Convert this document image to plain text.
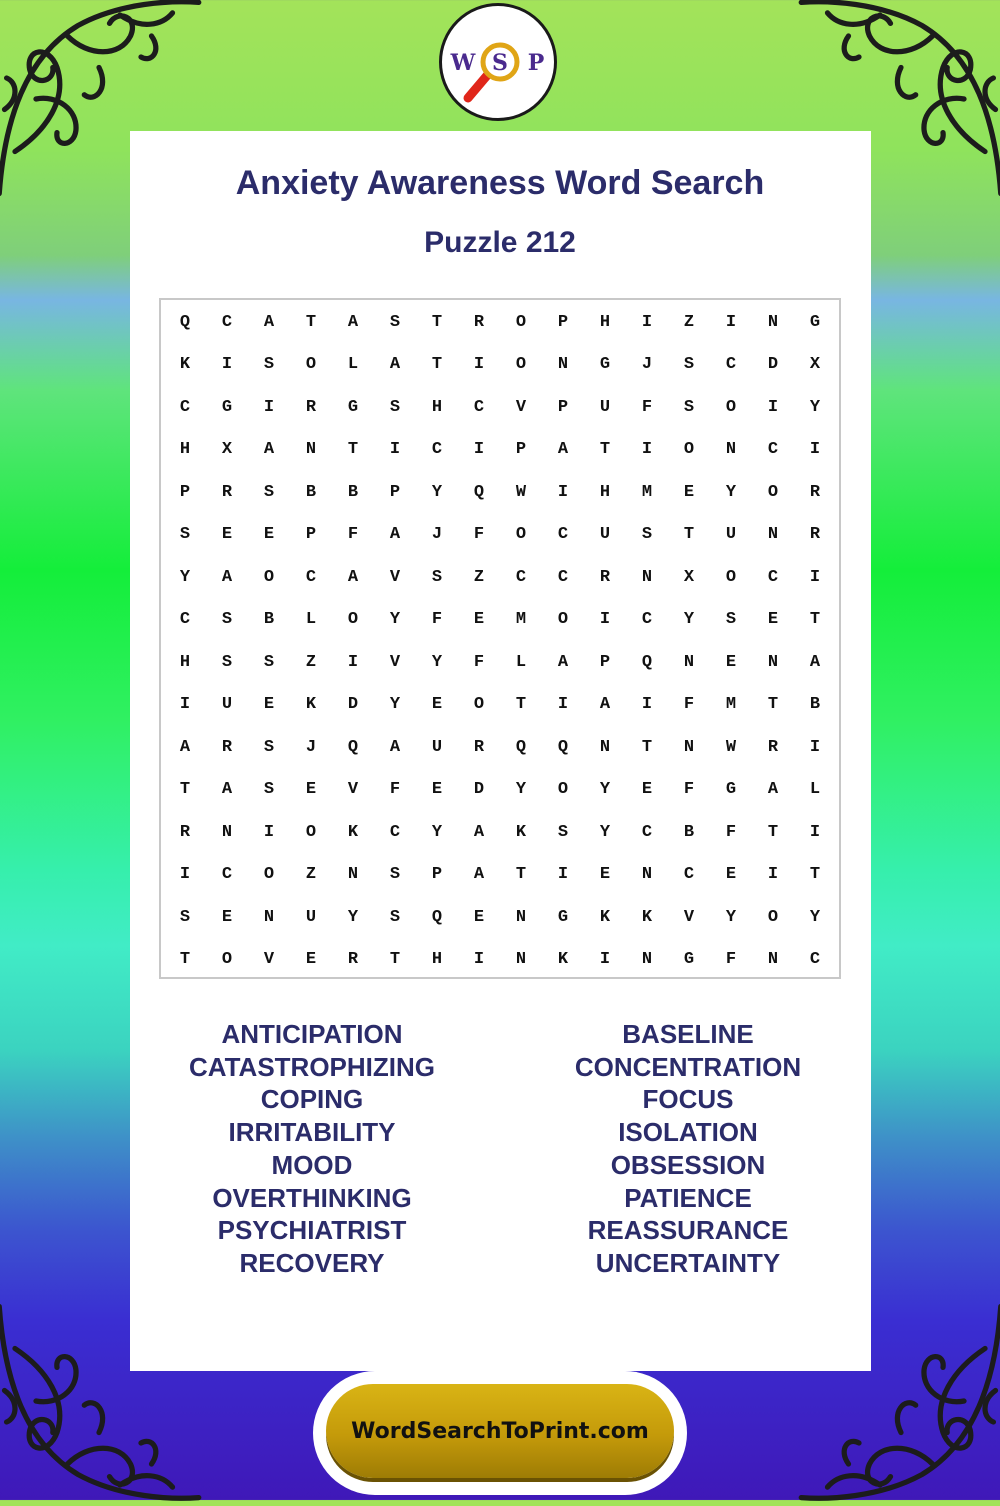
W S P
Anxiety Awareness Word Search
Puzzle 212
Q	C	A	T	A	S	T	R	O	P	H	I	Z	I	N	G
K	I	S	O	L	A	T	I	O	N	G	J	S	C	D	X
C	G	I	R	G	S	H	C	V	P	U	F	S	O	I	Y
H	X	A	N	T	I	C	I	P	A	T	I	O	N	C	I
P	R	S	B	B	P	Y	Q	W	I	H	M	E	Y	O	R
S	E	E	P	F	A	J	F	O	C	U	S	T	U	N	R
Y	A	O	C	A	V	S	Z	C	C	R	N	X	O	C	I
C	S	B	L	O	Y	F	E	M	O	I	C	Y	S	E	T
H	S	S	Z	I	V	Y	F	L	A	P	Q	N	E	N	A
I	U	E	K	D	Y	E	O	T	I	A	I	F	M	T	B
A	R	S	J	Q	A	U	R	Q	Q	N	T	N	W	R	I
T	A	S	E	V	F	E	D	Y	O	Y	E	F	G	A	L
R	N	I	O	K	C	Y	A	K	S	Y	C	B	F	T	I
I	C	O	Z	N	S	P	A	T	I	E	N	C	E	I	T
S	E	N	U	Y	S	Q	E	N	G	K	K	V	Y	O	Y
T	O	V	E	R	T	H	I	N	K	I	N	G	F	N	C
ANTICIPATION
CATASTROPHIZING
COPING
IRRITABILITY
MOOD
OVERTHINKING
PSYCHIATRIST
RECOVERY
BASELINE
CONCENTRATION
FOCUS
ISOLATION
OBSESSION
PATIENCE
REASSURANCE
UNCERTAINTY
WordSearchToPrint.com
